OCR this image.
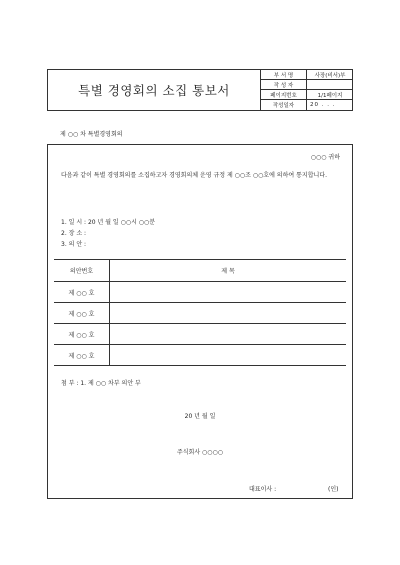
특별 경영회의 소집 통보서
부 서 명	사장(비서)부
작 성 자
페이지번호	1/1페이지
작성일자	20 . . .
제 ○○ 차 특별경영회의
○○○ 귀하
다음과 같이 특별 경영회의를 소집하고자 경영회의체 운영 규정 제 ○○조 ○○호에 의하여 통지합니다.
1. 일 시 : 20 년 월 일 ○○시 ○○분
2. 장 소 :
3. 의 안 :
의안번호	제 목
제 ○○ 호
제 ○○ 호
제 ○○ 호
제 ○○ 호
첨 부 : 1. 제 ○○ 차부 의안 부
20 년 월 일
주식회사 ○○○○
대표이사 :	(인)
